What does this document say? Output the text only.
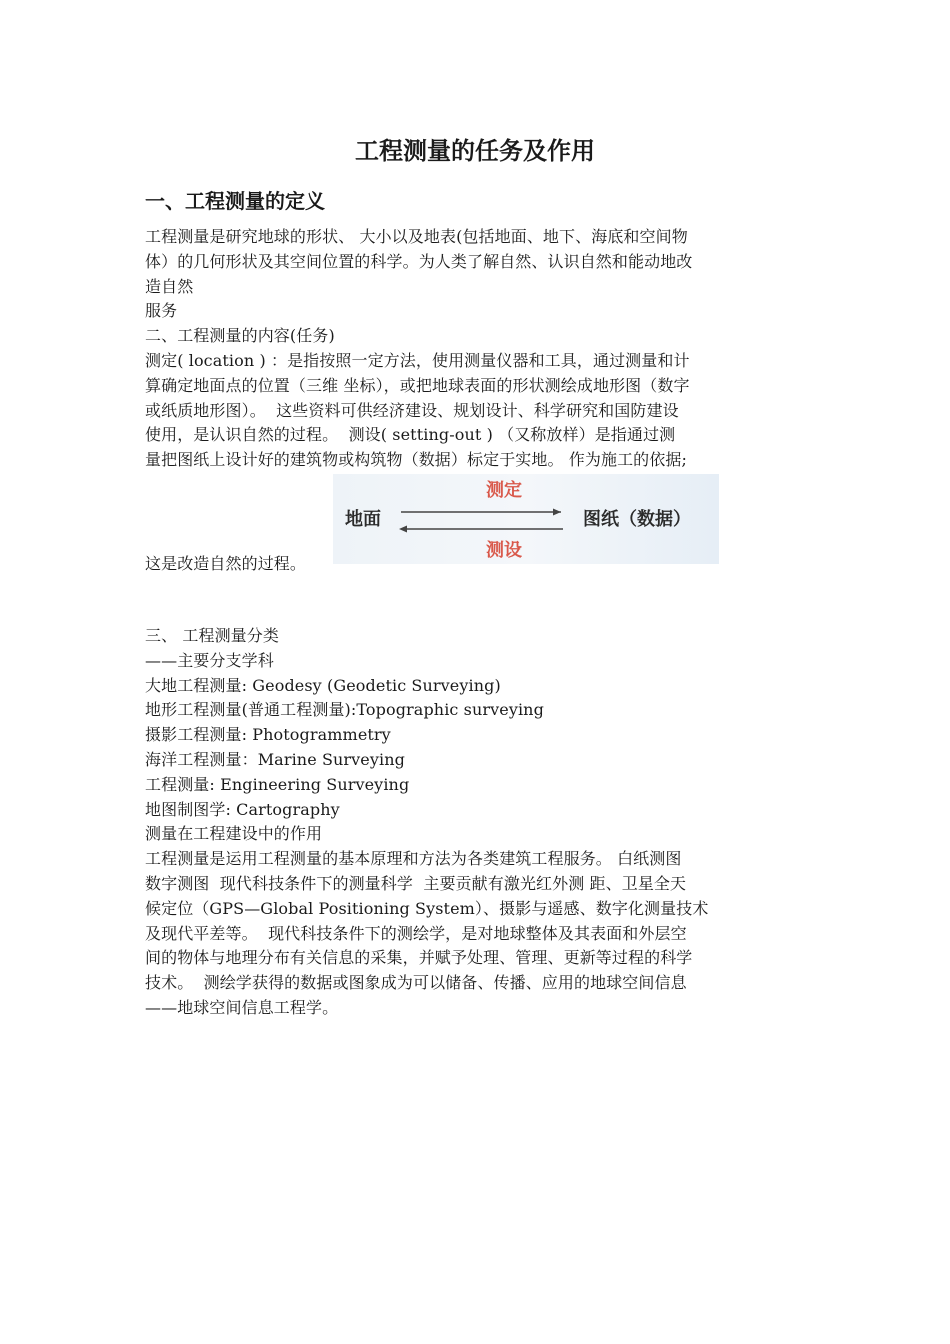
工程测量的任务及作用
一、工程测量的定义
工程测量是研究地球的形状、 大小以及地表(包括地面、地下、海底和空间物
体）的几何形状及其空间位置的科学。为人类了解自然、认识自然和能动地改
造自然
服务
二、工程测量的内容(任务)
测定( location ) ：是指按照一定方法，使用测量仪器和工具，通过测量和计
算确定地面点的位置（三维 坐标），或把地球表面的形状测绘成地形图（数字
或纸质地形图）。  这些资料可供经济建设、规划设计、科学研究和国防建设
使用，是认识自然的过程。  测设( setting-out ) （又称放样）是指通过测
量把图纸上设计好的建筑物或构筑物（数据）标定于实地。 作为施工的依据;
测定
地面	图纸（数据）
测设
这是改造自然的过程。
三、 工程测量分类
——主要分支学科
大地工程测量: Geodesy (Geodetic Surveying)
地形工程测量(普通工程测量):Topographic surveying
摄影工程测量: Photogrammetry
海洋工程测量：Marine Surveying
工程测量: Engineering Surveying
地图制图学: Cartography
测量在工程建设中的作用
工程测量是运用工程测量的基本原理和方法为各类建筑工程服务。 白纸测图
数字测图  现代科技条件下的测量科学  主要贡献有激光红外测 距、卫星全天
候定位（GPS—Global Positioning System）、摄影与遥感、数字化测量技术
及现代平差等。  现代科技条件下的测绘学，是对地球整体及其表面和外层空
间的物体与地理分布有关信息的采集，并赋予处理、管理、更新等过程的科学
技术。  测绘学获得的数据或图象成为可以储备、传播、应用的地球空间信息
——地球空间信息工程学。
